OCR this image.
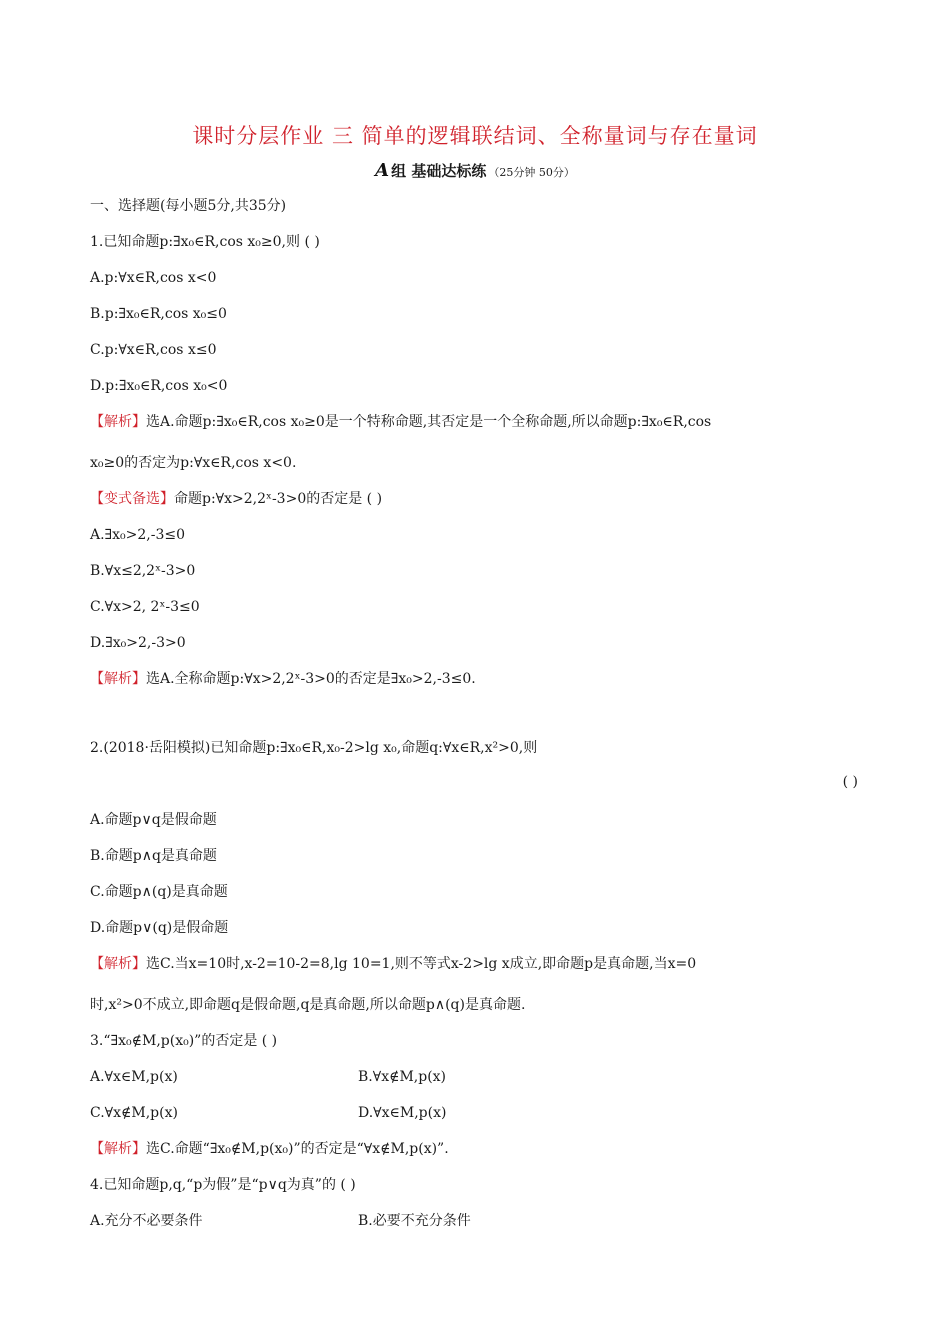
课时分层作业 三 简单的逻辑联结词、全称量词与存在量词
A 组 基础达标练 （25分钟 50分）
一、选择题(每小题5分,共35分)
1.已知命题p:∃x₀∈R,cos x₀≥0,则 ( )
A.p:∀x∈R,cos x<0
B.p:∃x₀∈R,cos x₀≤0
C.p:∀x∈R,cos x≤0
D.p:∃x₀∈R,cos x₀<0
【解析】选A.命题p:∃x₀∈R,cos x₀≥0是一个特称命题,其否定是一个全称命题,所以命题p:∃x₀∈R,cos
x₀≥0的否定为p:∀x∈R,cos x<0.
【变式备选】命题p:∀x>2,2ˣ-3>0的否定是 ( )
A.∃x₀>2,-3≤0
B.∀x≤2,2ˣ-3>0
C.∀x>2, 2ˣ-3≤0
D.∃x₀>2,-3>0
【解析】选A.全称命题p:∀x>2,2ˣ-3>0的否定是∃x₀>2,-3≤0.
2.(2018·岳阳模拟)已知命题p:∃x₀∈R,x₀-2>lg x₀,命题q:∀x∈R,x²>0,则
( )
A.命题p∨q是假命题
B.命题p∧q是真命题
C.命题p∧(q)是真命题
D.命题p∨(q)是假命题
【解析】选C.当x=10时,x-2=10-2=8,lg 10=1,则不等式x-2>lg x成立,即命题p是真命题,当x=0
时,x²>0不成立,即命题q是假命题,q是真命题,所以命题p∧(q)是真命题.
3.“∃x₀∉M,p(x₀)”的否定是 ( )
A.∀x∈M,p(x)	B.∀x∉M,p(x)
C.∀x∉M,p(x)	D.∀x∈M,p(x)
【解析】选C.命题“∃x₀∉M,p(x₀)”的否定是“∀x∉M,p(x)”.
4.已知命题p,q,“p为假”是“p∨q为真”的 ( )
A.充分不必要条件	B.必要不充分条件
